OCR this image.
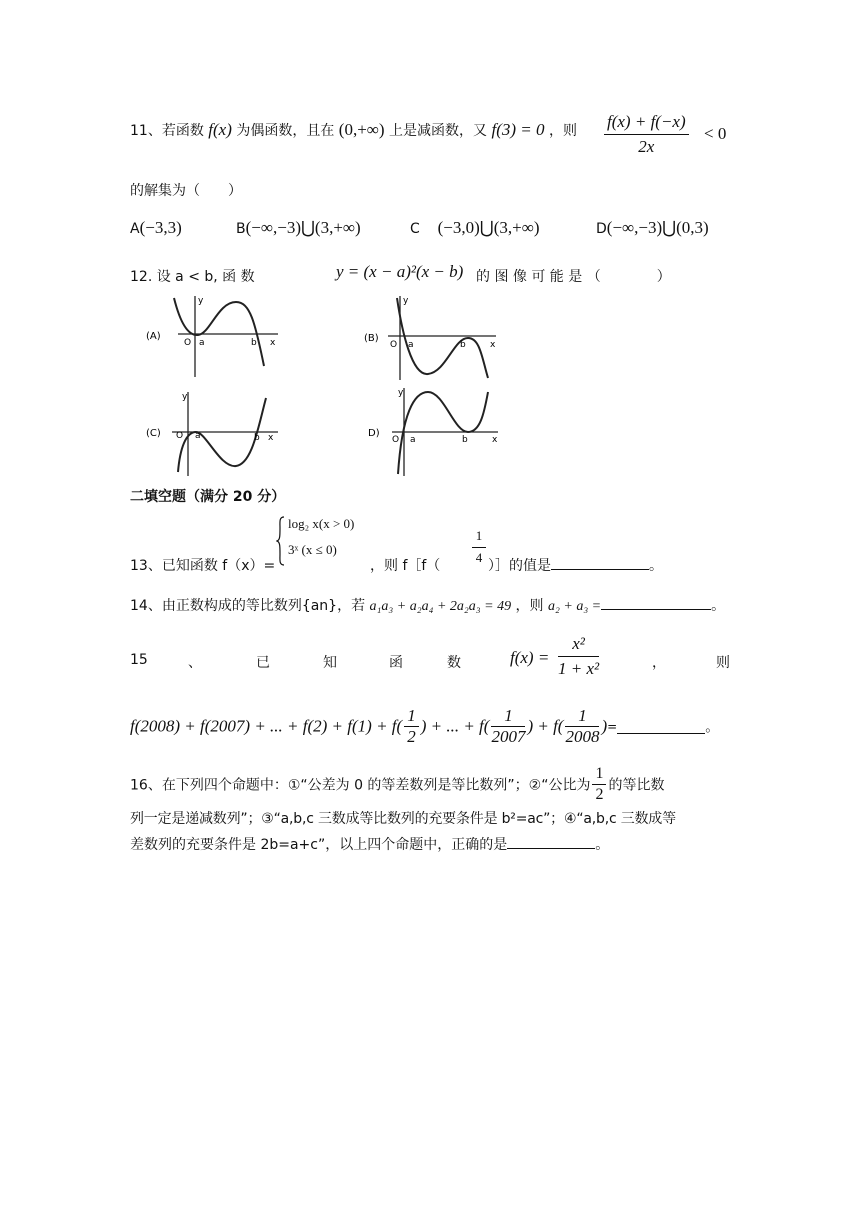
11、若函数 f(x) 为偶函数，且在 (0,+∞) 上是减函数，又 f(3) = 0 ，则 $\frac{f(x) + f(-x)}{2x} < 0$
的解集为（　　）
A(−3,3)	B(−∞,−3)⋃(3,+∞)	C (−3,0)⋃(3,+∞)	D(−∞,−3)⋃(0,3)
12. 设 a < b, 函 数	y = (x − a)²(x − b) 的 图 像 可 能 是 （　　　　）
(A)
y
O a	b x	(B)
y
O a	b	x
(C)
y
O a	b x	D)
y
O a	b	x
二填空题（满分 20 分）
13、已知函数 f（x）=
log₂ x(x > 0)
3ˣ (x ≤ 0)
，则 f［f（ $\frac{1}{4}$ ）］的值是	。
14、由正数构成的等比数列{an}，若 a₁a₃ + a₂a₄ + 2a₂a₃ = 49 ，则 a₂ + a₃ =	。
15	、	已	知	函	数	$f(x) = \frac{\text{x²}}{\text{1 + x²}}$	，	则
f(2008) + f(2007) + ... + $f(2) + f(1) + f( \frac{1}{2}$ ) + ... + $f( \frac{1}{2007}$ ) + $f( \frac{1}{2008}$ )=	。
16、在下列四个命题中：①“公差为 0 的等差数列是等比数列”；②“公比为 $\frac{1}{2}$ 的等比数
列一定是递减数列”；③“a,b,c 三数成等比数列的充要条件是 b²=ac”；④“a,b,c 三数成等
差数列的充要条件是 2b=a+c”，以上四个命题中，正确的是	。
